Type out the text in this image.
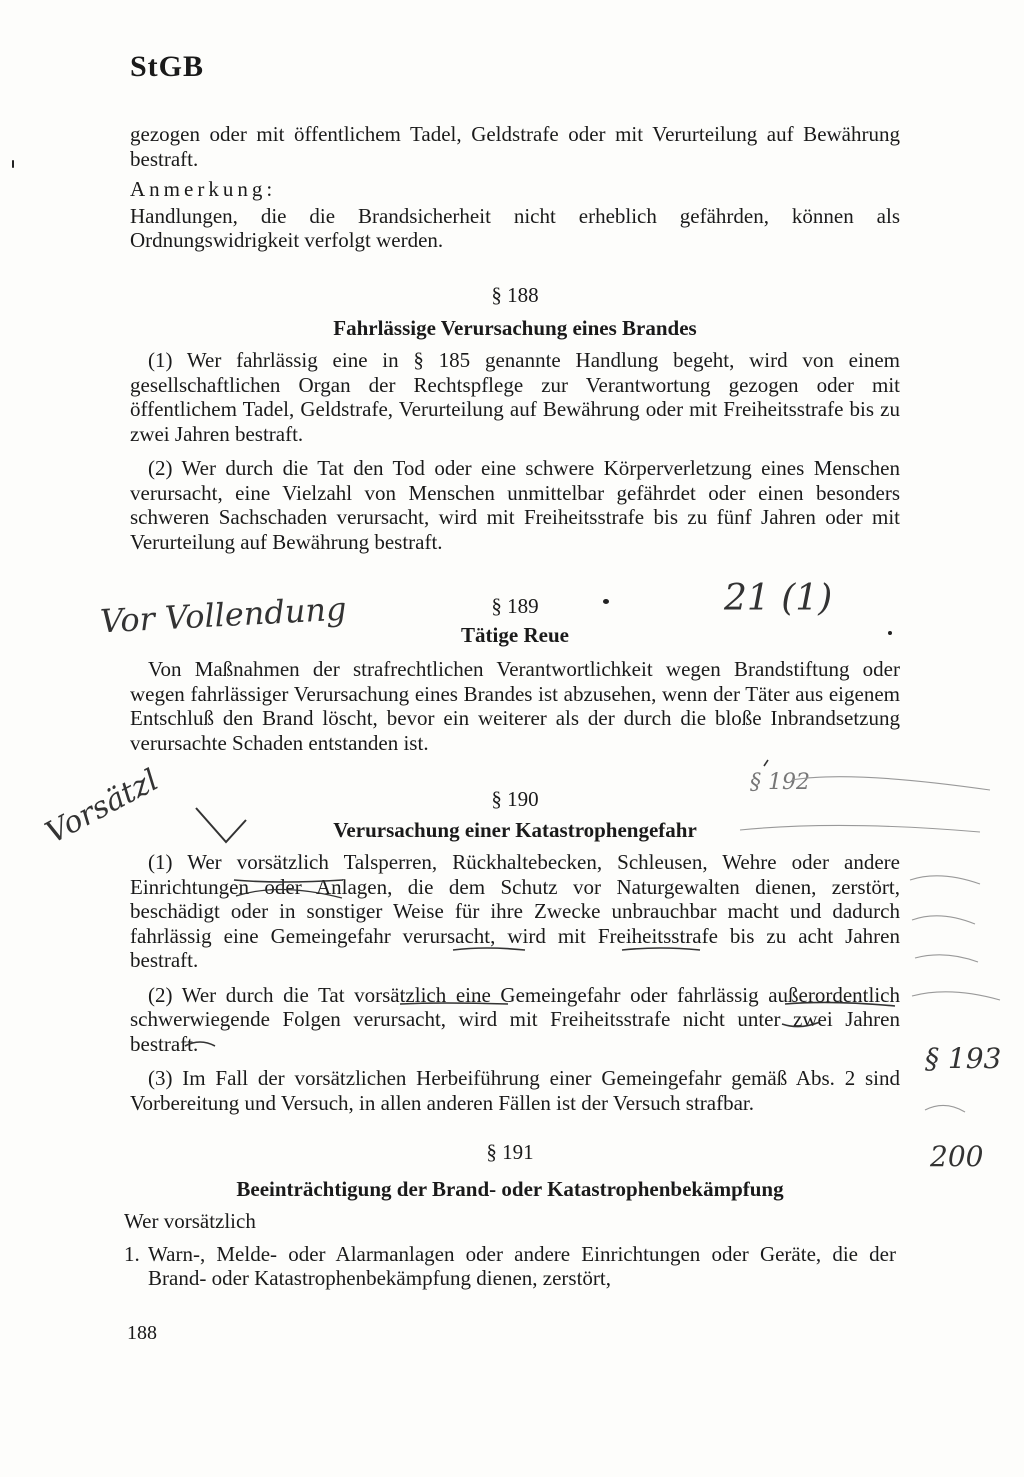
StGB

gezogen oder mit öffentlichem Tadel, Geldstrafe oder mit Verurteilung auf Bewährung bestraft.

Anmerkung:

Handlungen, die die Brandsicherheit nicht erheblich gefährden, können als Ordnungswidrigkeit verfolgt werden.

§ 188

Fahrlässige Verursachung eines Brandes

(1) Wer fahrlässig eine in § 185 genannte Handlung begeht, wird von einem gesellschaftlichen Organ der Rechtspflege zur Verantwortung gezogen oder mit öffentlichem Tadel, Geldstrafe, Verurteilung auf Bewährung oder mit Freiheitsstrafe bis zu zwei Jahren bestraft.

(2) Wer durch die Tat den Tod oder eine schwere Körperverletzung eines Menschen verursacht, eine Vielzahl von Menschen unmittelbar gefährdet oder einen besonders schweren Sachschaden verursacht, wird mit Freiheitsstrafe bis zu fünf Jahren oder mit Verurteilung auf Bewährung bestraft.

§ 189

Tätige Reue

Von Maßnahmen der strafrechtlichen Verantwortlichkeit wegen Brandstiftung oder wegen fahrlässiger Verursachung eines Brandes ist abzusehen, wenn der Täter aus eigenem Entschluß den Brand löscht, bevor ein weiterer als der durch die bloße Inbrandsetzung verursachte Schaden entstanden ist.

§ 190

Verursachung einer Katastrophengefahr

(1) Wer vorsätzlich Talsperren, Rückhaltebecken, Schleusen, Wehre oder andere Einrichtungen oder Anlagen, die dem Schutz vor Naturgewalten dienen, zerstört, beschädigt oder in sonstiger Weise für ihre Zwecke unbrauchbar macht und dadurch fahrlässig eine Gemeingefahr verursacht, wird mit Freiheitsstrafe bis zu acht Jahren bestraft.

(2) Wer durch die Tat vorsätzlich eine Gemeingefahr oder fahrlässig außerordentlich schwerwiegende Folgen verursacht, wird mit Freiheitsstrafe nicht unter zwei Jahren bestraft.

(3) Im Fall der vorsätzlichen Herbeiführung einer Gemeingefahr gemäß Abs. 2 sind Vorbereitung und Versuch, in allen anderen Fällen ist der Versuch strafbar.

§ 191

Beeinträchtigung der Brand- oder Katastrophenbekämpfung

Wer vorsätzlich

1. Warn-, Melde- oder Alarmanlagen oder andere Einrichtungen oder Geräte, die der Brand- oder Katastrophenbekämpfung dienen, zerstört,
188
Vor Vollendung	21 (1)
Vorsätzl	§ 192
§ 193
200
